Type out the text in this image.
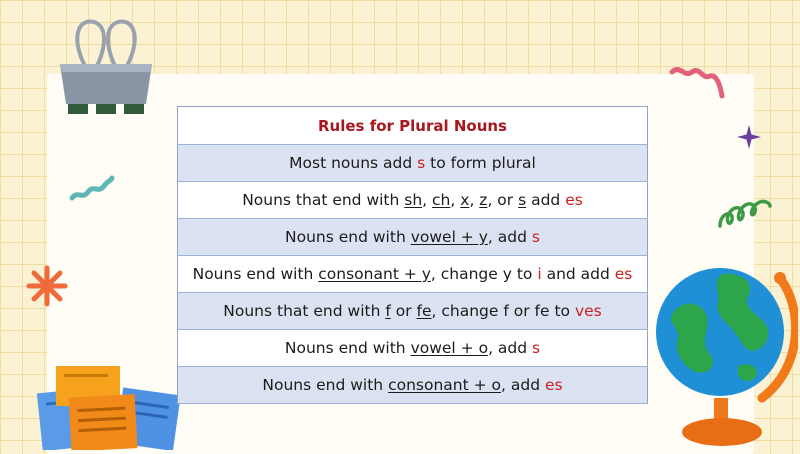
Rules for Plural Nouns
Most nouns add s to form plural
Nouns that end with sh, ch, x, z, or s add es
Nouns end with vowel + y, add s
Nouns end with consonant + y, change y to i and add es
Nouns that end with f or fe, change f or fe to ves
Nouns end with vowel + o, add s
Nouns end with consonant + o, add es
